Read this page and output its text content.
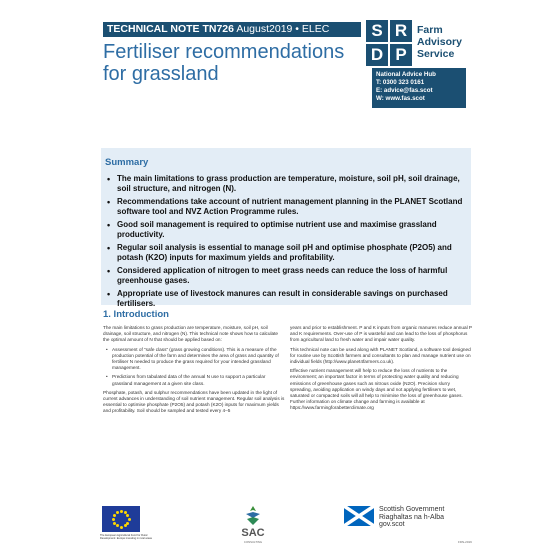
TECHNICAL NOTE TN726 August2019 • ELEC
Fertiliser recommendations
for grassland
S R
D P
Farm
Advisory
Service
National Advice Hub
T: 0300 323 0161
E: advice@fas.scot
W: www.fas.scot
Summary
• The main limitations to grass production are temperature, moisture, soil pH, soil drainage, soil structure, and nitrogen (N).
• Recommendations take account of nutrient management planning in the PLANET Scotland software tool and NVZ Action Programme rules.
• Good soil management is required to optimise nutrient use and maximise grassland productivity.
• Regular soil analysis is essential to manage soil pH and optimise phosphate (P2O5) and potash (K2O) inputs for maximum yields and profitability.
• Considered application of nitrogen to meet grass needs can reduce the loss of harmful greenhouse gases.
• Appropriate use of livestock manures can result in considerable savings on purchased fertilisers.
1. Introduction

The main limitations to grass production are temperature, moisture, soil pH, soil drainage, soil structure, and nitrogen (N). This technical note shows how to calculate the optimal amount of N that should be applied based on:

• Assessment of “safe class” (grass growing conditions). This is a measure of the production potential of the farm and determines the area of grass and quantity of fertiliser N needed to produce the grass required for your intended grassland management.

• Predictions from tabulated data of the annual N use to support a particular grassland management at a given site class.

Phosphate, potash, and sulphur recommendations have been updated in the light of current advances in understanding of soil nutrient management. Regular soil analysis is essential to optimise phosphate (P2O5) and potash (K2O) inputs for maximum yields and profitability. Soil should be sampled and tested every 4–5

years and prior to establishment. P and K inputs from organic manures reduce annual P and K requirements. Over-use of P is wasteful and can lead to the loss of phosphorus from agricultural land to fresh water and impair water quality.

This technical note can be used along with PLANET Scotland, a software tool designed for routine use by Scottish farmers and consultants to plan and manage nutrient use on individual fields (http://www.planet4farmers.co.uk).

Effective nutrient management will help to reduce the loss of nutrients to the environment; an important factor in terms of protecting water quality and reducing emissions of greenhouse gases such as nitrous oxide (N2O). Precision slurry spreading, avoiding application on windy days and not applying fertilisers to wet, saturated or compacted soils will all help to minimise the loss of greenhouse gases. Further information on climate change and farming is available at https://www.farmingforabetterclimate.org

The European Agricultural Fund for Rural Development: Europe investing in rural areas	SAC
CONSULTING
Scottish Government
Riaghaltas na h-Alba
gov.scot
FDN-2019
